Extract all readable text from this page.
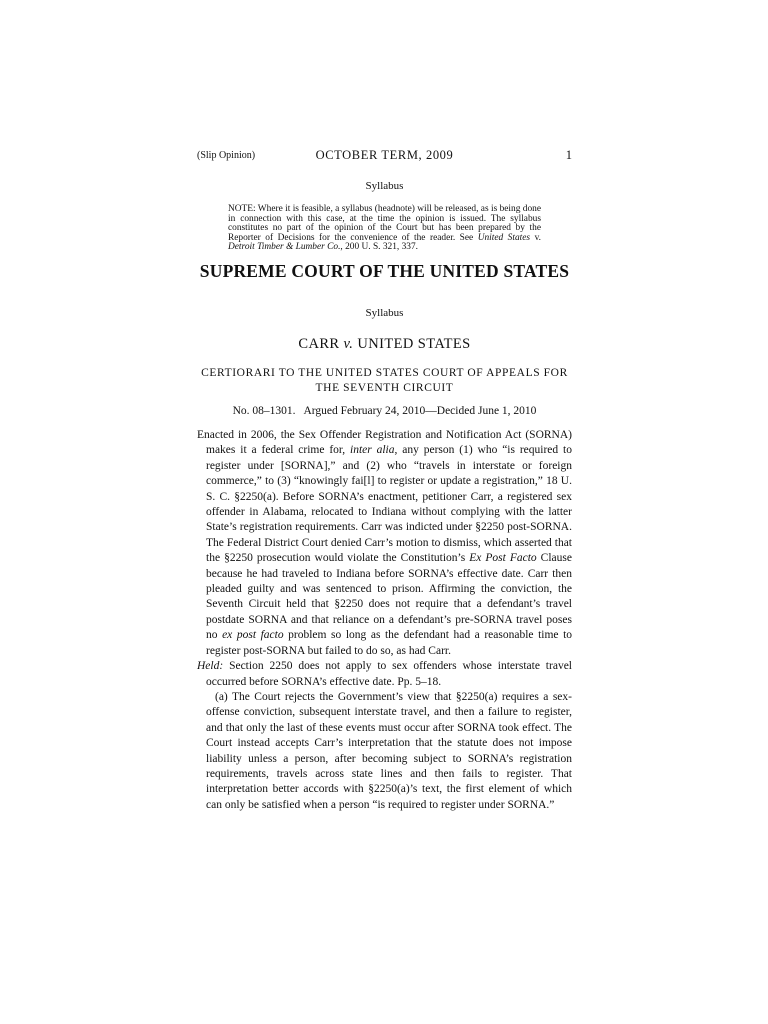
(Slip Opinion)	OCTOBER TERM, 2009	1
Syllabus

NOTE: Where it is feasible, a syllabus (headnote) will be released, as is being done in connection with this case, at the time the opinion is issued. The syllabus constitutes no part of the opinion of the Court but has been prepared by the Reporter of Decisions for the convenience of the reader. See United States v. Detroit Timber & Lumber Co., 200 U. S. 321, 337.

SUPREME COURT OF THE UNITED STATES
Syllabus
CARR v. UNITED STATES
CERTIORARI TO THE UNITED STATES COURT OF APPEALS FOR
THE SEVENTH CIRCUIT
No. 08–1301.   Argued February 24, 2010—Decided June 1, 2010

Enacted in 2006, the Sex Offender Registration and Notification Act (SORNA) makes it a federal crime for, inter alia, any person (1) who “is required to register under [SORNA],” and (2) who “travels in interstate or foreign commerce,” to (3) “knowingly fai[l] to register or update a registration,” 18 U. S. C. §2250(a). Before SORNA’s enactment, petitioner Carr, a registered sex offender in Alabama, relocated to Indiana without complying with the latter State’s registration requirements. Carr was indicted under §2250 post-SORNA. The Federal District Court denied Carr’s motion to dismiss, which asserted that the §2250 prosecution would violate the Constitution’s Ex Post Facto Clause because he had traveled to Indiana before SORNA’s effective date. Carr then pleaded guilty and was sentenced to prison. Affirming the conviction, the Seventh Circuit held that §2250 does not require that a defendant’s travel postdate SORNA and that reliance on a defendant’s pre-SORNA travel poses no ex post facto problem so long as the defendant had a reasonable time to register post-SORNA but failed to do so, as had Carr.

Held: Section 2250 does not apply to sex offenders whose interstate travel occurred before SORNA’s effective date. Pp. 5–18.

(a) The Court rejects the Government’s view that §2250(a) requires a sex-offense conviction, subsequent interstate travel, and then a failure to register, and that only the last of these events must occur after SORNA took effect. The Court instead accepts Carr’s interpretation that the statute does not impose liability unless a person, after becoming subject to SORNA’s registration requirements, travels across state lines and then fails to register. That interpretation better accords with §2250(a)’s text, the first element of which can only be satisfied when a person “is required to register under SORNA.”
